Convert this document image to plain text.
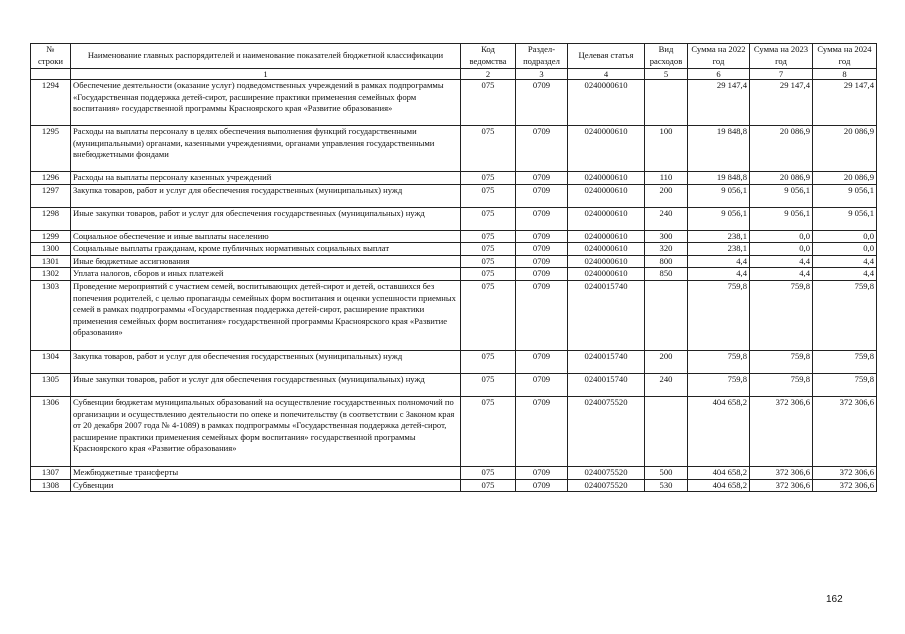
№ строки	Наименование главных распорядителей и наименование показателей бюджетной классификации	Код ведомства	Раздел-подраздел	Целевая статья	Вид расходов	Сумма на 2022 год	Сумма на 2023 год	Сумма на 2024 год
	1	2	3	4	5	6	7	8
1294	Обеспечение деятельности (оказание услуг) подведомственных учреждений в рамках подпрограммы «Государственная поддержка детей-сирот, расширение практики применения семейных форм воспитания» государственной программы Красноярского края «Развитие образования»	075	0709	0240000610		29 147,4	29 147,4	29 147,4
1295	Расходы на выплаты персоналу в целях обеспечения выполнения функций государственными (муниципальными) органами, казенными учреждениями, органами управления государственными внебюджетными фондами	075	0709	0240000610	100	19 848,8	20 086,9	20 086,9
1296	Расходы на выплаты персоналу казенных учреждений	075	0709	0240000610	110	19 848,8	20 086,9	20 086,9
1297	Закупка товаров, работ и услуг для обеспечения государственных (муниципальных) нужд	075	0709	0240000610	200	9 056,1	9 056,1	9 056,1
1298	Иные закупки товаров, работ и услуг для обеспечения государственных (муниципальных) нужд	075	0709	0240000610	240	9 056,1	9 056,1	9 056,1
1299	Социальное обеспечение и иные выплаты населению	075	0709	0240000610	300	238,1	0,0	0,0
1300	Социальные выплаты гражданам, кроме публичных нормативных социальных выплат	075	0709	0240000610	320	238,1	0,0	0,0
1301	Иные бюджетные ассигнования	075	0709	0240000610	800	4,4	4,4	4,4
1302	Уплата налогов, сборов и иных платежей	075	0709	0240000610	850	4,4	4,4	4,4
1303	Проведение мероприятий с участием семей, воспитывающих детей-сирот и детей, оставшихся без попечения родителей, с целью пропаганды семейных форм воспитания и оценки успешности приемных семей в рамках подпрограммы «Государственная поддержка детей-сирот, расширение практики применения семейных форм воспитания» государственной программы Красноярского края «Развитие образования»	075	0709	0240015740		759,8	759,8	759,8
1304	Закупка товаров, работ и услуг для обеспечения государственных (муниципальных) нужд	075	0709	0240015740	200	759,8	759,8	759,8
1305	Иные закупки товаров, работ и услуг для обеспечения государственных (муниципальных) нужд	075	0709	0240015740	240	759,8	759,8	759,8
1306	Субвенции бюджетам муниципальных образований на осуществление государственных полномочий по организации и осуществлению деятельности по опеке и попечительству (в соответствии с Законом края от 20 декабря 2007 года № 4-1089) в рамках подпрограммы «Государственная поддержка детей-сирот, расширение практики применения семейных форм воспитания» государственной программы Красноярского края «Развитие образования»	075	0709	0240075520		404 658,2	372 306,6	372 306,6
1307	Межбюджетные трансферты	075	0709	0240075520	500	404 658,2	372 306,6	372 306,6
1308	Субвенции	075	0709	0240075520	530	404 658,2	372 306,6	372 306,6
162
